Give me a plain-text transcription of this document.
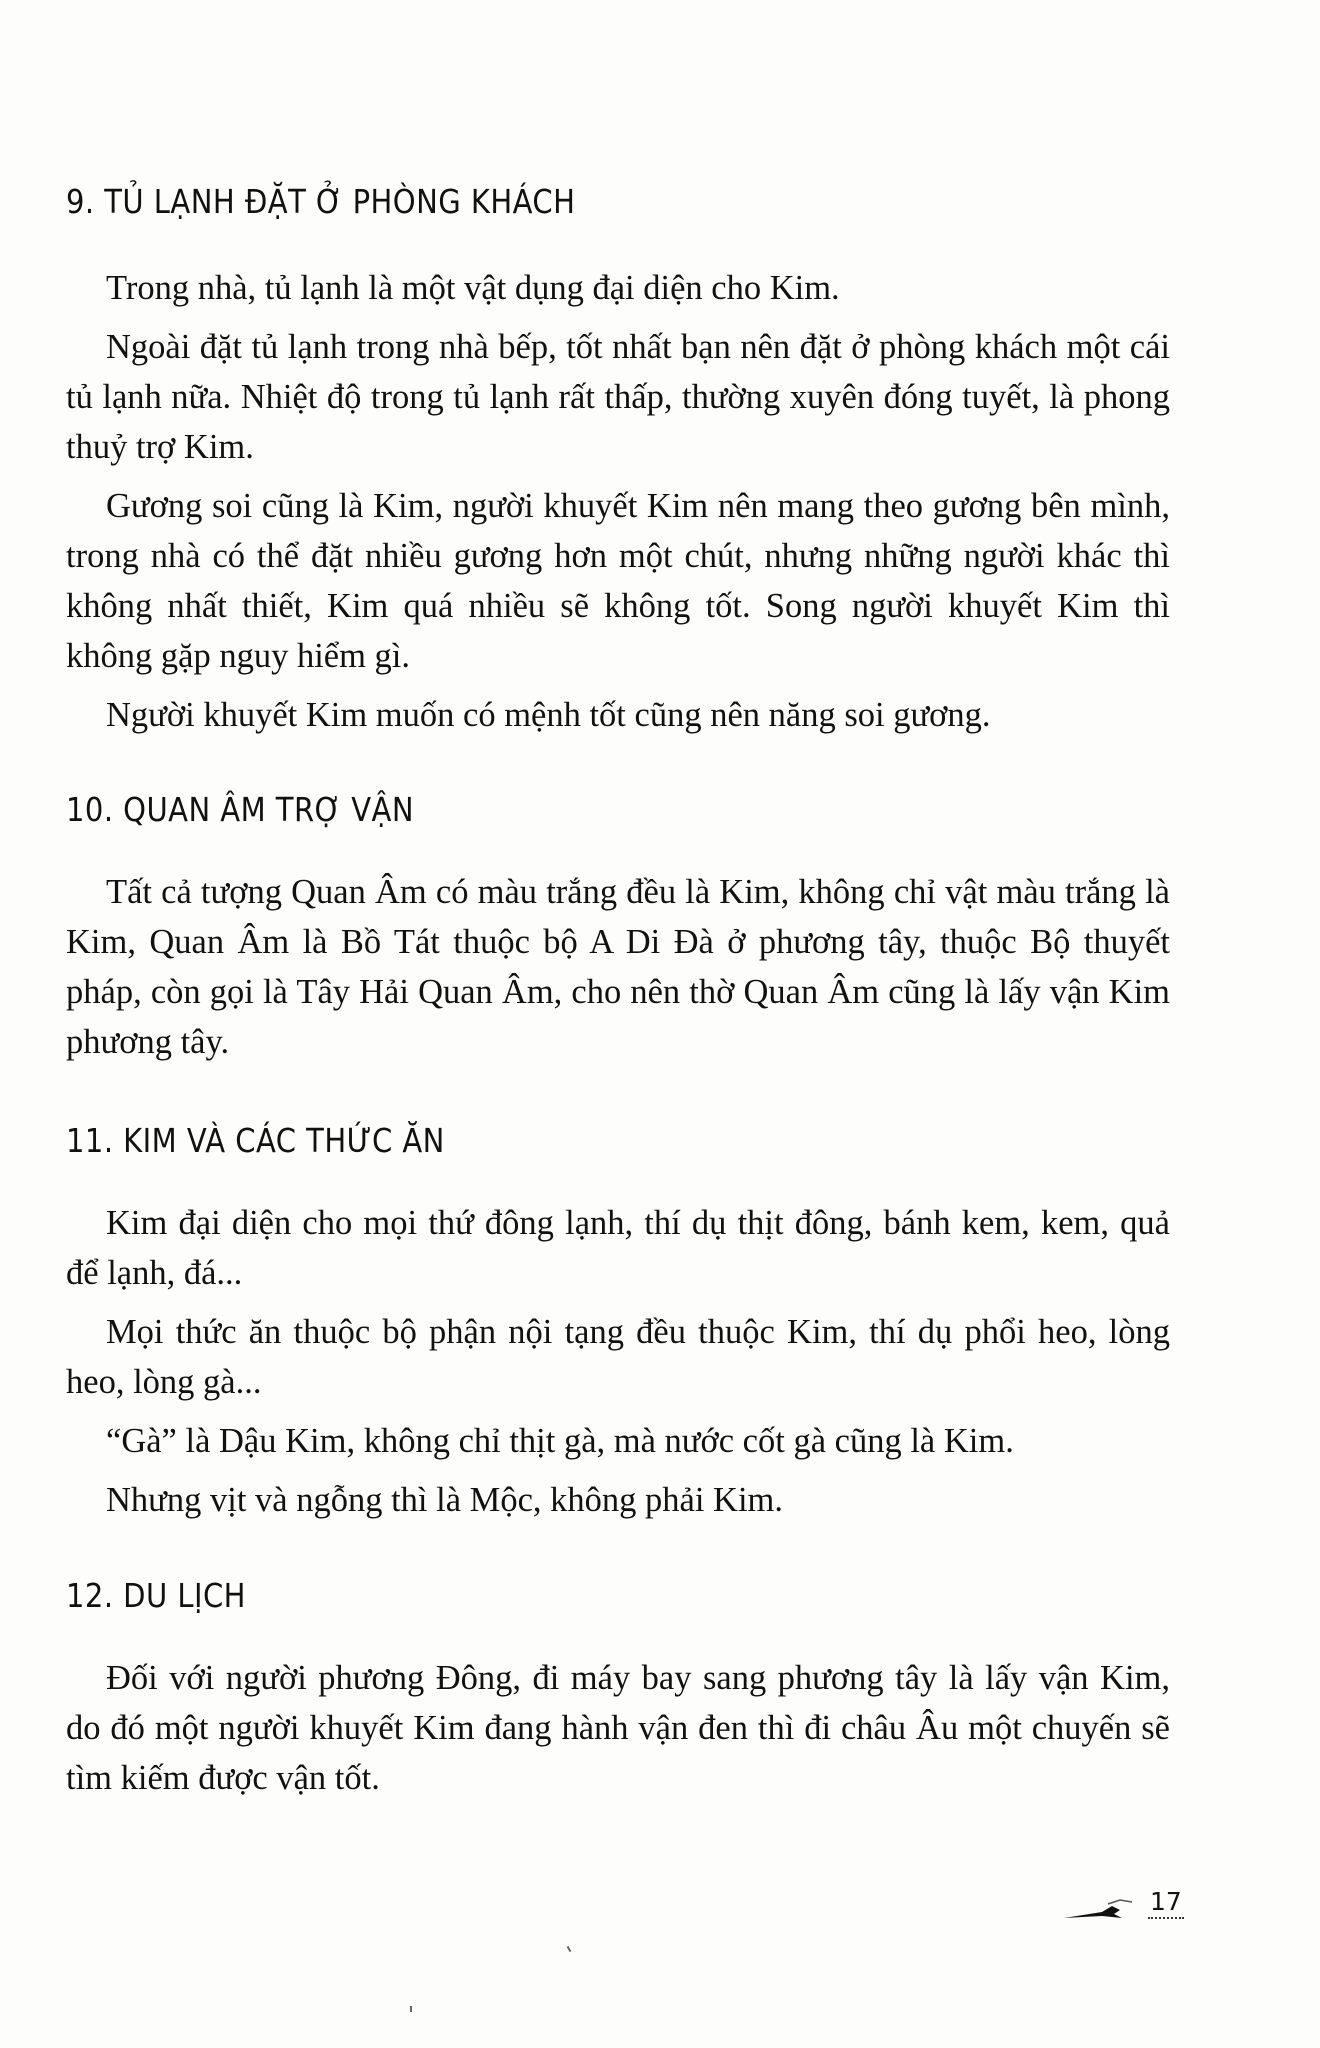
9. TỦ LẠNH ĐẶT Ở PHÒNG KHÁCH

Trong nhà, tủ lạnh là một vật dụng đại diện cho Kim.

Ngoài đặt tủ lạnh trong nhà bếp, tốt nhất bạn nên đặt ở phòng khách một cái tủ lạnh nữa. Nhiệt độ trong tủ lạnh rất thấp, thường xuyên đóng tuyết, là phong thuỷ trợ Kim.

Gương soi cũng là Kim, người khuyết Kim nên mang theo gương bên mình, trong nhà có thể đặt nhiều gương hơn một chút, nhưng những người khác thì không nhất thiết, Kim quá nhiều sẽ không tốt. Song người khuyết Kim thì không gặp nguy hiểm gì.

Người khuyết Kim muốn có mệnh tốt cũng nên năng soi gương.

10. QUAN ÂM TRỢ VẬN

Tất cả tượng Quan Âm có màu trắng đều là Kim, không chỉ vật màu trắng là Kim, Quan Âm là Bồ Tát thuộc bộ A Di Đà ở phương tây, thuộc Bộ thuyết pháp, còn gọi là Tây Hải Quan Âm, cho nên thờ Quan Âm cũng là lấy vận Kim phương tây.

11. KIM VÀ CÁC THỨC ĂN

Kim đại diện cho mọi thứ đông lạnh, thí dụ thịt đông, bánh kem, kem, quả để lạnh, đá...

Mọi thức ăn thuộc bộ phận nội tạng đều thuộc Kim, thí dụ phổi heo, lòng heo, lòng gà...

“Gà” là Dậu Kim, không chỉ thịt gà, mà nước cốt gà cũng là Kim.

Nhưng vịt và ngỗng thì là Mộc, không phải Kim.

12. DU LỊCH

Đối với người phương Đông, đi máy bay sang phương tây là lấy vận Kim, do đó một người khuyết Kim đang hành vận đen thì đi châu Âu một chuyến sẽ tìm kiếm được vận tốt.

17
